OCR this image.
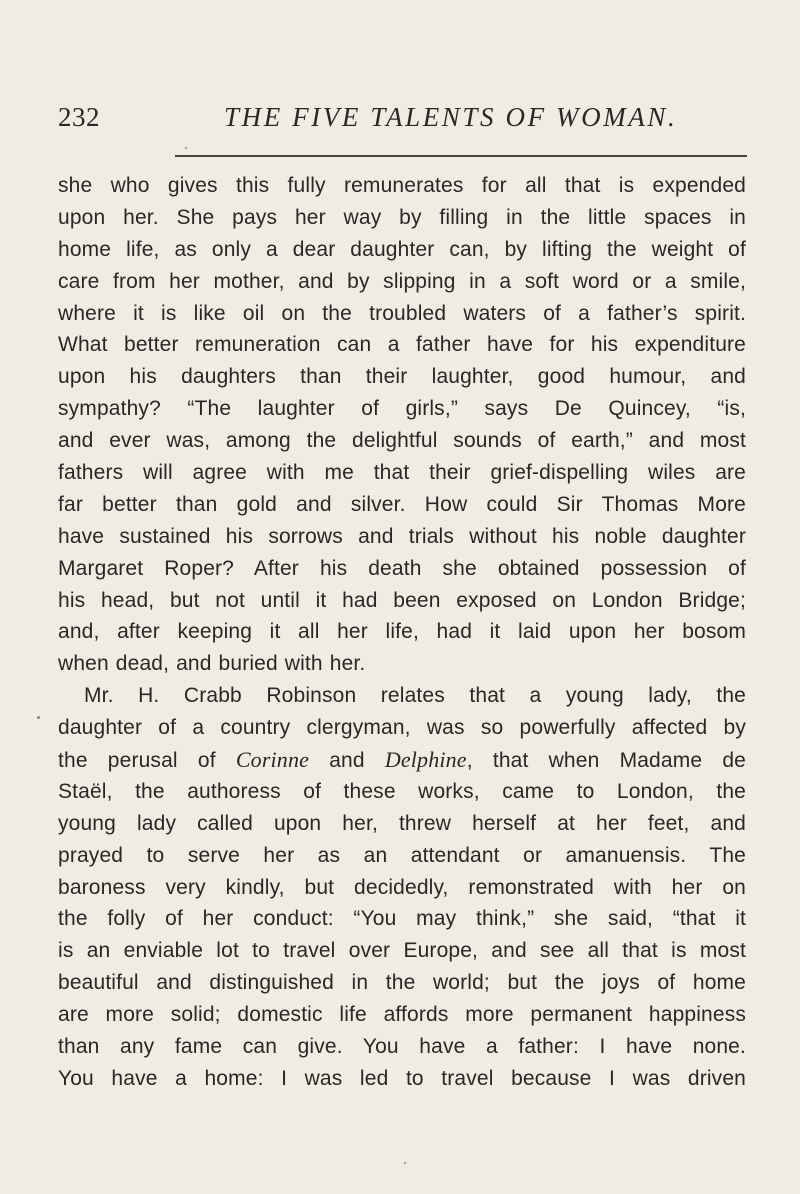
232	THE FIVE TALENTS OF WOMAN.
she who gives this fully remunerates for all that is expended
upon her. She pays her way by filling in the little spaces in
home life, as only a dear daughter can, by lifting the weight of
care from her mother, and by slipping in a soft word or a smile,
where it is like oil on the troubled waters of a father’s spirit.
What better remuneration can a father have for his expenditure
upon his daughters than their laughter, good humour, and
sympathy? “The laughter of girls,” says De Quincey, “is,
and ever was, among the delightful sounds of earth,” and most
fathers will agree with me that their grief-dispelling wiles are
far better than gold and silver. How could Sir Thomas More
have sustained his sorrows and trials without his noble daughter
Margaret Roper? After his death she obtained possession of
his head, but not until it had been exposed on London Bridge;
and, after keeping it all her life, had it laid upon her bosom
when dead, and buried with her.
Mr. H. Crabb Robinson relates that a young lady, the
daughter of a country clergyman, was so powerfully affected by
the perusal of Corinne and Delphine, that when Madame de
Staël, the authoress of these works, came to London, the
young lady called upon her, threw herself at her feet, and
prayed to serve her as an attendant or amanuensis. The
baroness very kindly, but decidedly, remonstrated with her on
the folly of her conduct: “You may think,” she said, “that it
is an enviable lot to travel over Europe, and see all that is most
beautiful and distinguished in the world; but the joys of home
are more solid; domestic life affords more permanent happiness
than any fame can give. You have a father: I have none.
You have a home: I was led to travel because I was driven
